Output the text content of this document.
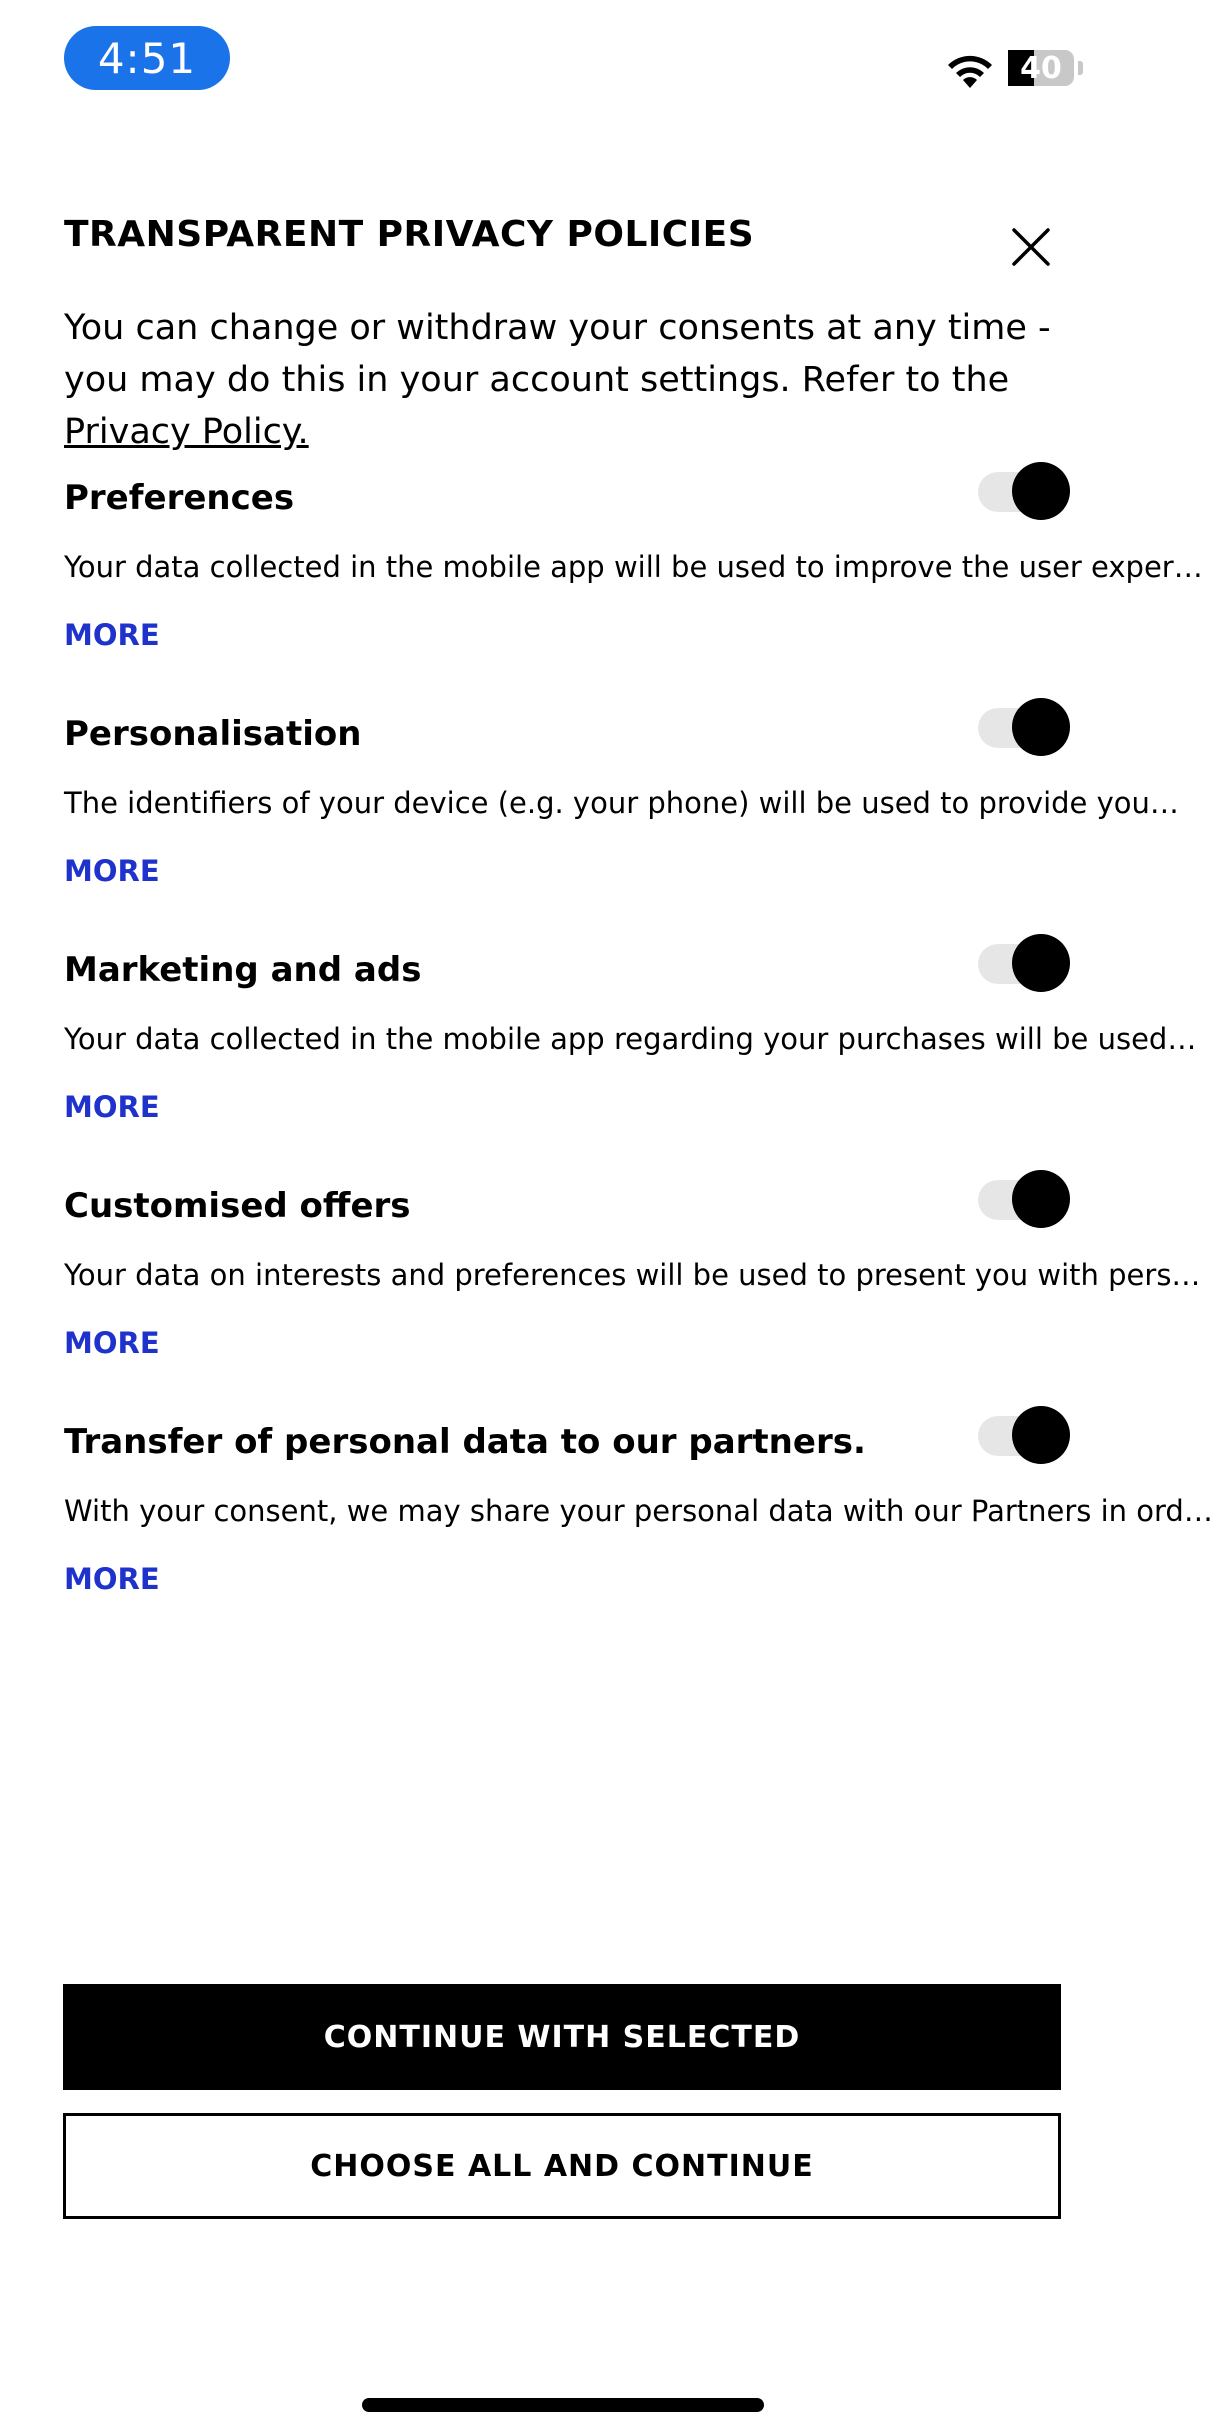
4:51	40
TRANSPARENT PRIVACY POLICIES
You can change or withdraw your consents at any time - you may do this in your account settings. Refer to the Privacy Policy.
Preferences
Your data collected in the mobile app will be used to improve the user exper…
MORE
Personalisation
The identifiers of your device (e.g. your phone) will be used to provide you…
MORE
Marketing and ads
Your data collected in the mobile app regarding your purchases will be used…
MORE
Customised offers
Your data on interests and preferences will be used to present you with pers…
MORE
Transfer of personal data to our partners.
With your consent, we may share your personal data with our Partners in ord…
MORE
CONTINUE WITH SELECTED
CHOOSE ALL AND CONTINUE
